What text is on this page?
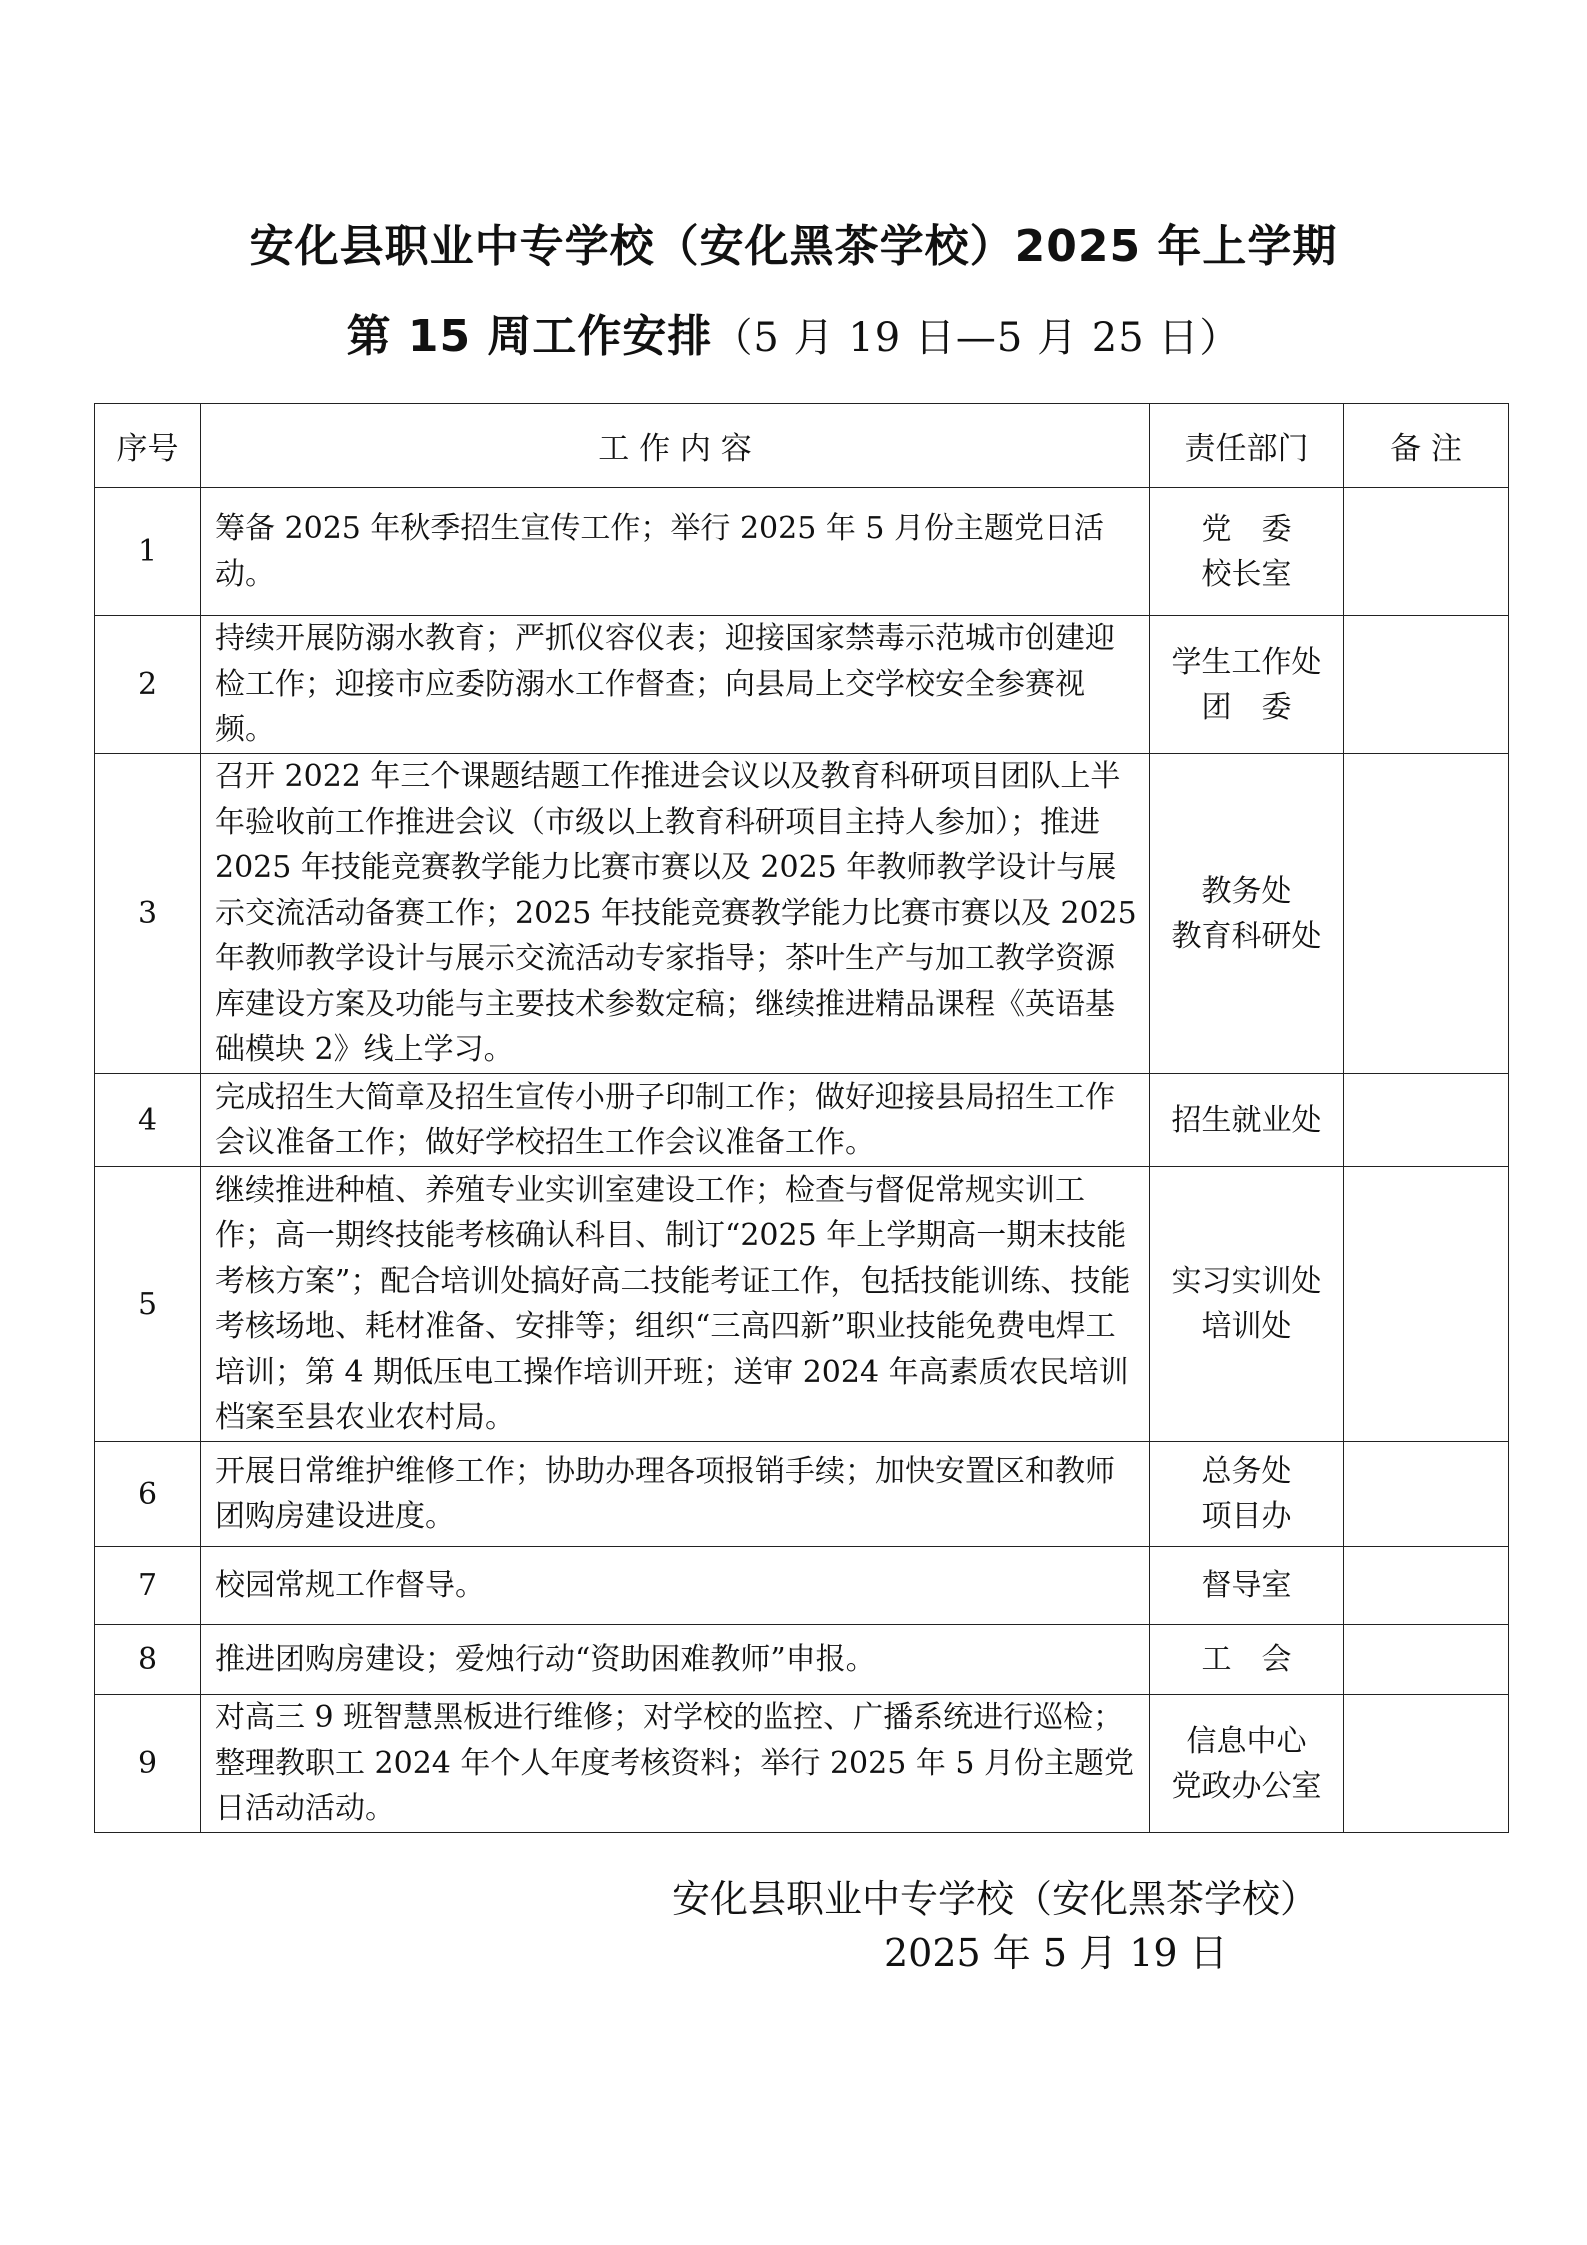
安化县职业中专学校（安化黑茶学校）2025 年上学期
第 15 周工作安排（5 月 19 日—5 月 25 日）
序号	工 作 内 容	责任部门	备 注
1	筹备 2025 年秋季招生宣传工作；举行 2025 年 5 月份主题党日活动。	党　委
校长室	

2	持续开展防溺水教育；严抓仪容仪表；迎接国家禁毒示范城市创建迎检工作；迎接市应委防溺水工作督查；向县局上交学校安全参赛视频。	学生工作处
团　委	

3	召开 2022 年三个课题结题工作推进会议以及教育科研项目团队上半年验收前工作推进会议（市级以上教育科研项目主持人参加）；推进 2025 年技能竞赛教学能力比赛市赛以及 2025 年教师教学设计与展示交流活动备赛工作；2025 年技能竞赛教学能力比赛市赛以及 2025 年教师教学设计与展示交流活动专家指导；茶叶生产与加工教学资源库建设方案及功能与主要技术参数定稿；继续推进精品课程《英语基础模块 2》线上学习。	教务处
教育科研处	

4	完成招生大简章及招生宣传小册子印制工作；做好迎接县局招生工作会议准备工作；做好学校招生工作会议准备工作。	招生就业处	

5	继续推进种植、养殖专业实训室建设工作；检查与督促常规实训工作；高一期终技能考核确认科目、制订“2025 年上学期高一期末技能考核方案”；配合培训处搞好高二技能考证工作，包括技能训练、技能考核场地、耗材准备、安排等；组织“三高四新”职业技能免费电焊工培训；第 4 期低压电工操作培训开班；送审 2024 年高素质农民培训档案至县农业农村局。	实习实训处
培训处	

6	开展日常维护维修工作；协助办理各项报销手续；加快安置区和教师团购房建设进度。	总务处
项目办	

7	校园常规工作督导。	督导室	

8	推进团购房建设；爱烛行动“资助困难教师”申报。	工　会	

9	对高三 9 班智慧黑板进行维修；对学校的监控、广播系统进行巡检；整理教职工 2024 年个人年度考核资料；举行 2025 年 5 月份主题党日活动活动。	信息中心
党政办公室	

安化县职业中专学校（安化黑茶学校）
2025 年 5 月 19 日
